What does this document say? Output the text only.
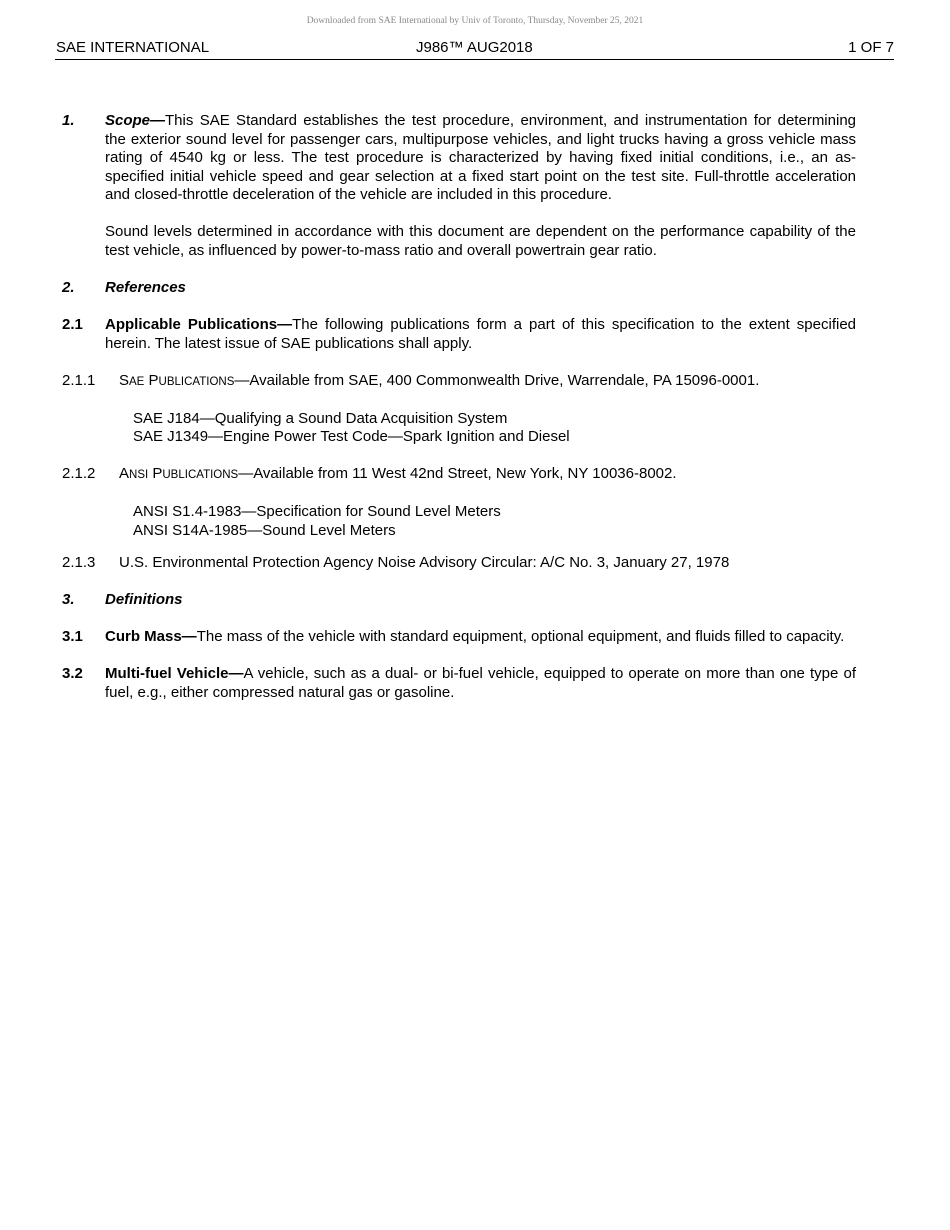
Downloaded from SAE International by Univ of Toronto, Thursday, November 25, 2021
SAE INTERNATIONAL	J986™ AUG2018	1 OF 7
1. Scope—This SAE Standard establishes the test procedure, environment, and instrumentation for determining the exterior sound level for passenger cars, multipurpose vehicles, and light trucks having a gross vehicle mass rating of 4540 kg or less. The test procedure is characterized by having fixed initial conditions, i.e., an as-specified initial vehicle speed and gear selection at a fixed start point on the test site. Full-throttle acceleration and closed-throttle deceleration of the vehicle are included in this procedure.
Sound levels determined in accordance with this document are dependent on the performance capability of the test vehicle, as influenced by power-to-mass ratio and overall powertrain gear ratio.
2. References
2.1 Applicable Publications—The following publications form a part of this specification to the extent specified herein. The latest issue of SAE publications shall apply.
2.1.1 SAE PUBLICATIONS—Available from SAE, 400 Commonwealth Drive, Warrendale, PA 15096-0001.
SAE J184—Qualifying a Sound Data Acquisition System
SAE J1349—Engine Power Test Code—Spark Ignition and Diesel
2.1.2 ANSI PUBLICATIONS—Available from 11 West 42nd Street, New York, NY 10036-8002.
ANSI S1.4-1983—Specification for Sound Level Meters
ANSI S14A-1985—Sound Level Meters
2.1.3 U.S. Environmental Protection Agency Noise Advisory Circular: A/C No. 3, January 27, 1978
3. Definitions
3.1 Curb Mass—The mass of the vehicle with standard equipment, optional equipment, and fluids filled to capacity.
3.2 Multi-fuel Vehicle—A vehicle, such as a dual- or bi-fuel vehicle, equipped to operate on more than one type of fuel, e.g., either compressed natural gas or gasoline.
